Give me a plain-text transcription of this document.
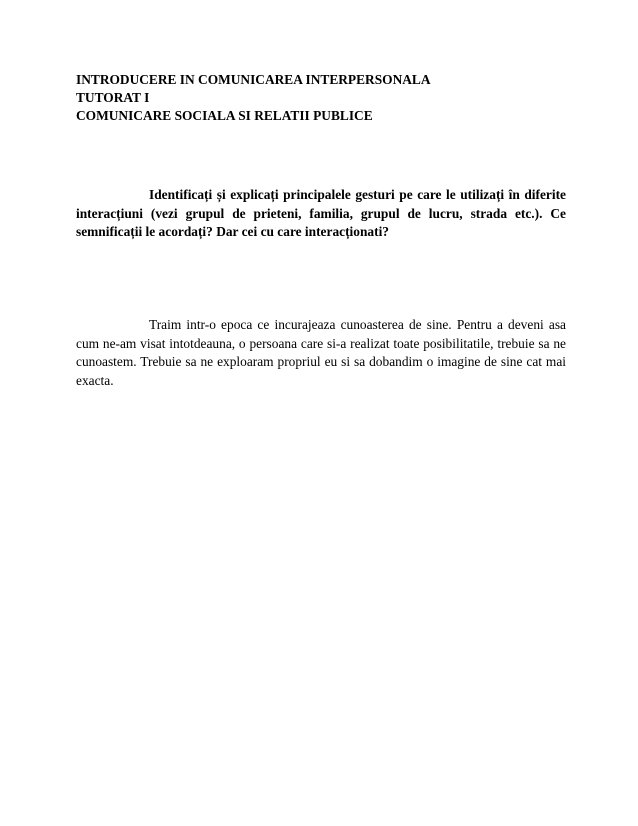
INTRODUCERE IN COMUNICAREA INTERPERSONALA
TUTORAT I
COMUNICARE SOCIALA SI RELATII PUBLICE

Identificați și explicați principalele gesturi pe care le utilizați în diferite interacțiuni (vezi grupul de prieteni, familia, grupul de lucru, strada etc.). Ce semnificații le acordați? Dar cei cu care interacționati?

Traim intr-o epoca ce incurajeaza cunoasterea de sine. Pentru a deveni asa cum ne-am visat intotdeauna, o persoana care si-a realizat toate posibilitatile, trebuie sa ne cunoastem. Trebuie sa ne exploaram propriul eu si sa dobandim o imagine de sine cat mai exacta.
